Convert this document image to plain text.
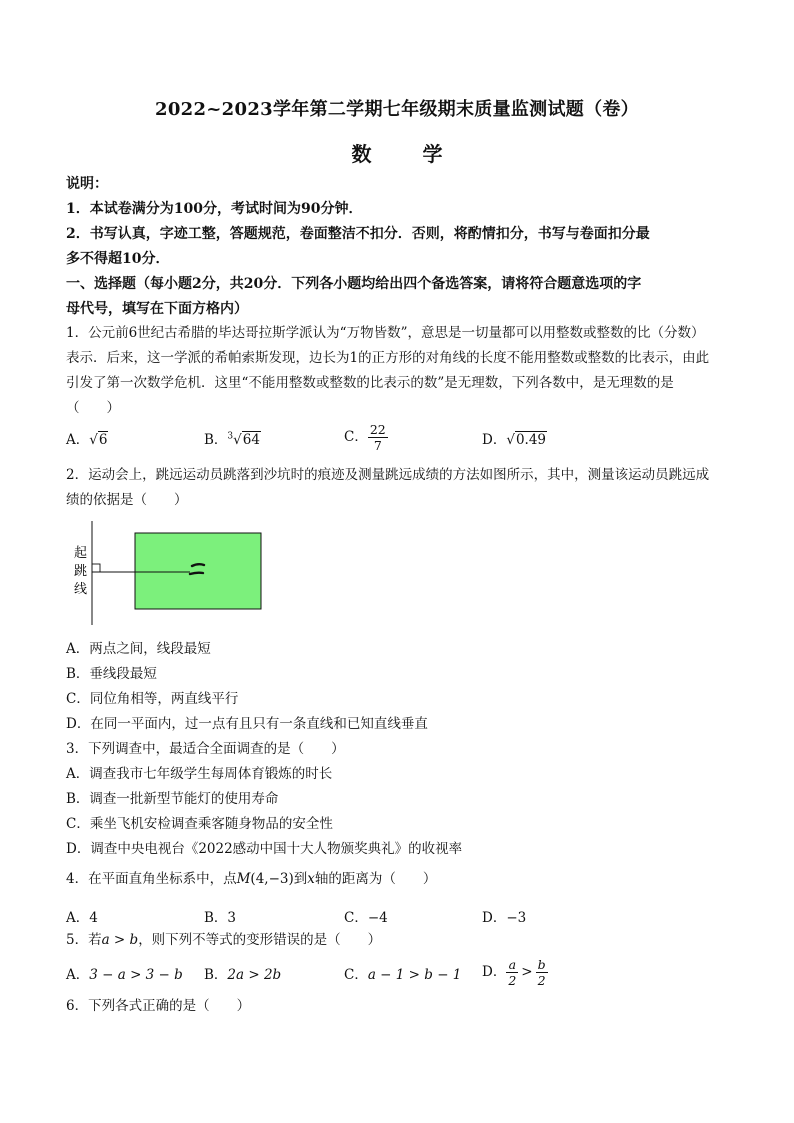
2022~2023学年第二学期七年级期末质量监测试题（卷）
数 学
说明：
1．本试卷满分为100分，考试时间为90分钟．
2．书写认真，字迹工整，答题规范，卷面整洁不扣分．否则，将酌情扣分，书写与卷面扣分最
多不得超10分．
一、选择题（每小题2分，共20分．下列各小题均给出四个备选答案，请将符合题意选项的字
母代号，填写在下面方格内）
1．公元前6世纪古希腊的毕达哥拉斯学派认为“万物皆数”，意思是一切量都可以用整数或整数的比（分数）
表示．后来，这一学派的希帕索斯发现，边长为1的正方形的对角线的长度不能用整数或整数的比表示，由此
引发了第一次数学危机．这里“不能用整数或整数的比表示的数”是无理数，下列各数中，是无理数的是
（　　）
A．√6	B．$^3$√64	C． $\frac{22}{7}$	D．√0.49
2．运动会上，跳远运动员跳落到沙坑时的痕迹及测量跳远成绩的方法如图所示，其中，测量该运动员跳远成
绩的依据是（　　）
起
跳
线
A．两点之间，线段最短
B．垂线段最短
C．同位角相等，两直线平行
D．在同一平面内，过一点有且只有一条直线和已知直线垂直
3．下列调查中，最适合全面调查的是（　　）
A．调查我市七年级学生每周体育锻炼的时长
B．调查一批新型节能灯的使用寿命
C．乘坐飞机安检调查乘客随身物品的安全性
D．调查中央电视台《2022感动中国十大人物颁奖典礼》的收视率
4．在平面直角坐标系中，点M(4,−3)到x轴的距离为（　　）
A．4	B．3	C．−4	D．−3
5．若a > b，则下列不等式的变形错误的是（　　）
A．3 − a > 3 − b B．2a > 2b	C．a − 1 > b − 1 D． $\frac{a}{2} > \frac{b}{2}$
6．下列各式正确的是（　　）
